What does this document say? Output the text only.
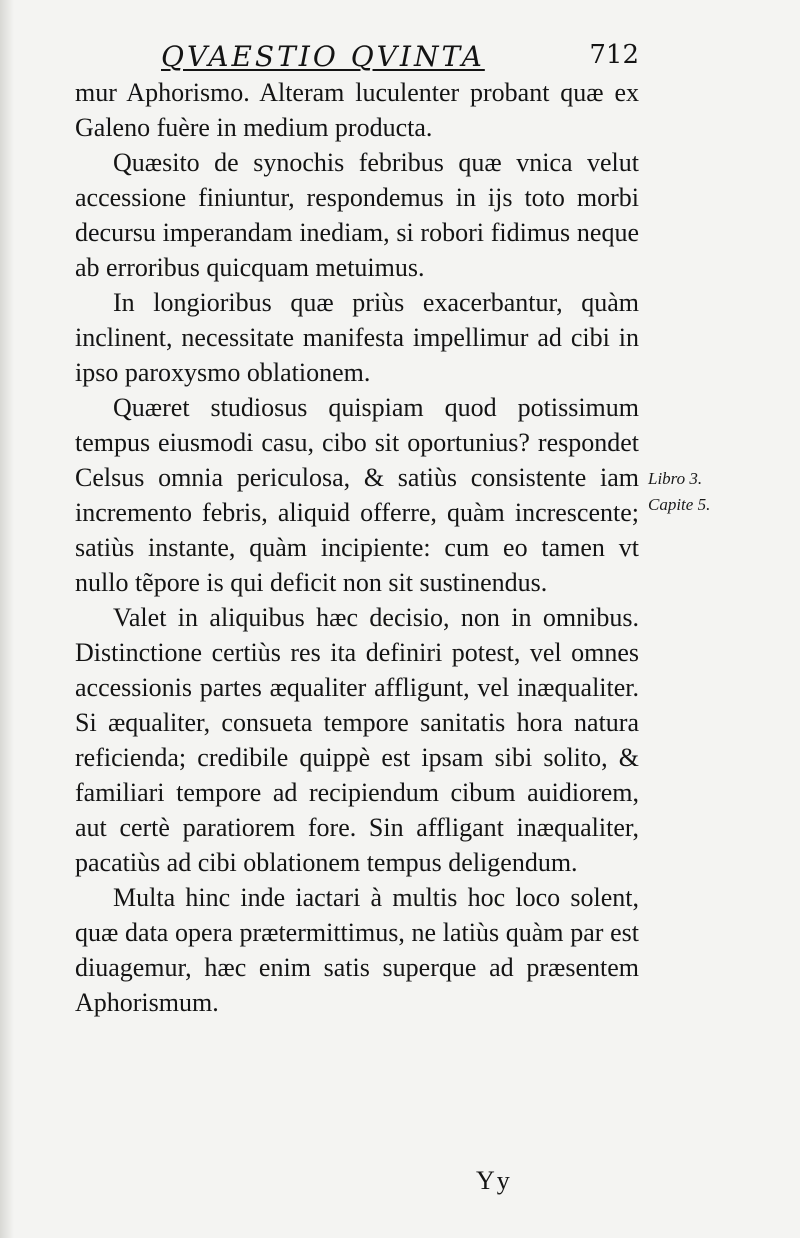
QVAESTIO QVINTA	712

mur Aphorismo. Alteram luculenter probant quæ ex Galeno fuère in medium producta.

Quæsito de synochis febribus quæ vnica velut accessione finiuntur, respondemus in ijs toto morbi decursu imperandam inediam, si robori fidimus neque ab erroribus quicquam metuimus.

In longioribus quæ priùs exacerbantur, quàm inclinent, necessitate manifesta impellimur ad cibi in ipso paroxysmo oblationem.

Quæret studiosus quispiam quod potissimum tempus eiusmodi casu, cibo sit oportunius? respondet Celsus omnia periculosa, & satiùs consistente iam incremento febris, aliquid offerre, quàm increscente; satiùs instante, quàm incipiente: cum eo tamen vt nullo tẽpore is qui deficit non sit sustinendus.

Valet in aliquibus hæc decisio, non in omnibus. Distinctione certiùs res ita definiri potest, vel omnes accessionis partes æqualiter affligunt, vel inæqualiter. Si æqualiter, consueta tempore sanitatis hora natura reficienda; credibile quippè est ipsam sibi solito, & familiari tempore ad recipiendum cibum auidiorem, aut certè paratiorem fore. Sin affligant inæqualiter, pacatiùs ad cibi oblationem tempus deligendum.

Multa hinc inde iactari à multis hoc loco solent, quæ data opera prætermittimus, ne latiùs quàm par est diuagemur, hæc enim satis superque ad præsentem Aphorismum.

Libro 3.
Capite 5.
Yy
